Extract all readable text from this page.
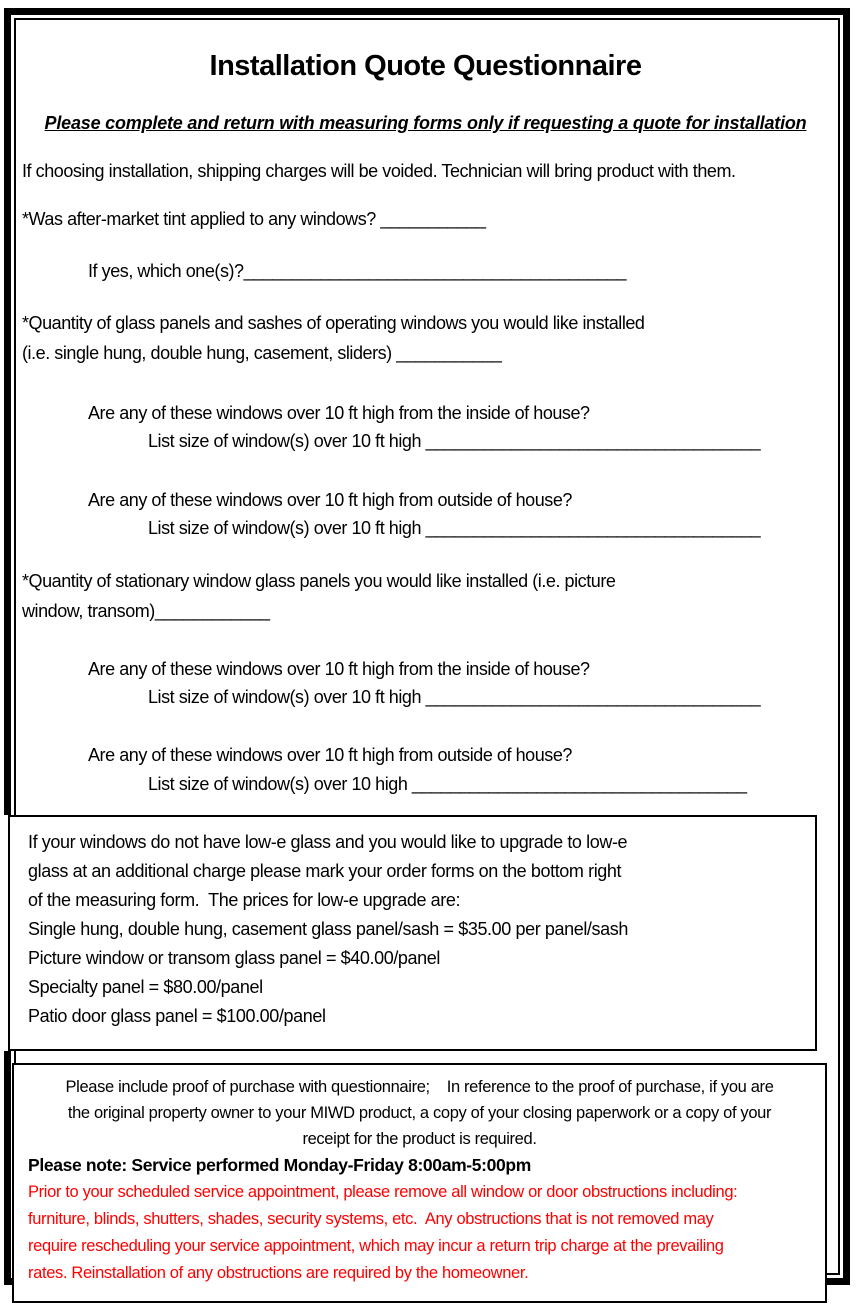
Installation Quote Questionnaire
Please complete and return with measuring forms only if requesting a quote for installation
If choosing installation, shipping charges will be voided. Technician will bring product with them.
*Was after-market tint applied to any windows? ___________
If yes, which one(s)?________________________________________
*Quantity of glass panels and sashes of operating windows you would like installed
(i.e. single hung, double hung, casement, sliders) ___________
Are any of these windows over 10 ft high from the inside of house?
List size of window(s) over 10 ft high ___________________________________
Are any of these windows over 10 ft high from outside of house?
List size of window(s) over 10 ft high ___________________________________
*Quantity of stationary window glass panels you would like installed (i.e. picture
window, transom)____________
Are any of these windows over 10 ft high from the inside of house?
List size of window(s) over 10 ft high ___________________________________
Are any of these windows over 10 ft high from outside of house?
List size of window(s) over 10 high ___________________________________
If your windows do not have low-e glass and you would like to upgrade to low-e
glass at an additional charge please mark your order forms on the bottom right
of the measuring form.  The prices for low-e upgrade are:
Single hung, double hung, casement glass panel/sash = $35.00 per panel/sash
Picture window or transom glass panel = $40.00/panel
Specialty panel = $80.00/panel
Patio door glass panel = $100.00/panel
Please include proof of purchase with questionnaire;    In reference to the proof of purchase, if you are
the original property owner to your MIWD product, a copy of your closing paperwork or a copy of your
receipt for the product is required.
Please note: Service performed Monday-Friday 8:00am-5:00pm
Prior to your scheduled service appointment, please remove all window or door obstructions including:
furniture, blinds, shutters, shades, security systems, etc.  Any obstructions that is not removed may
require rescheduling your service appointment, which may incur a return trip charge at the prevailing
rates. Reinstallation of any obstructions are required by the homeowner.
